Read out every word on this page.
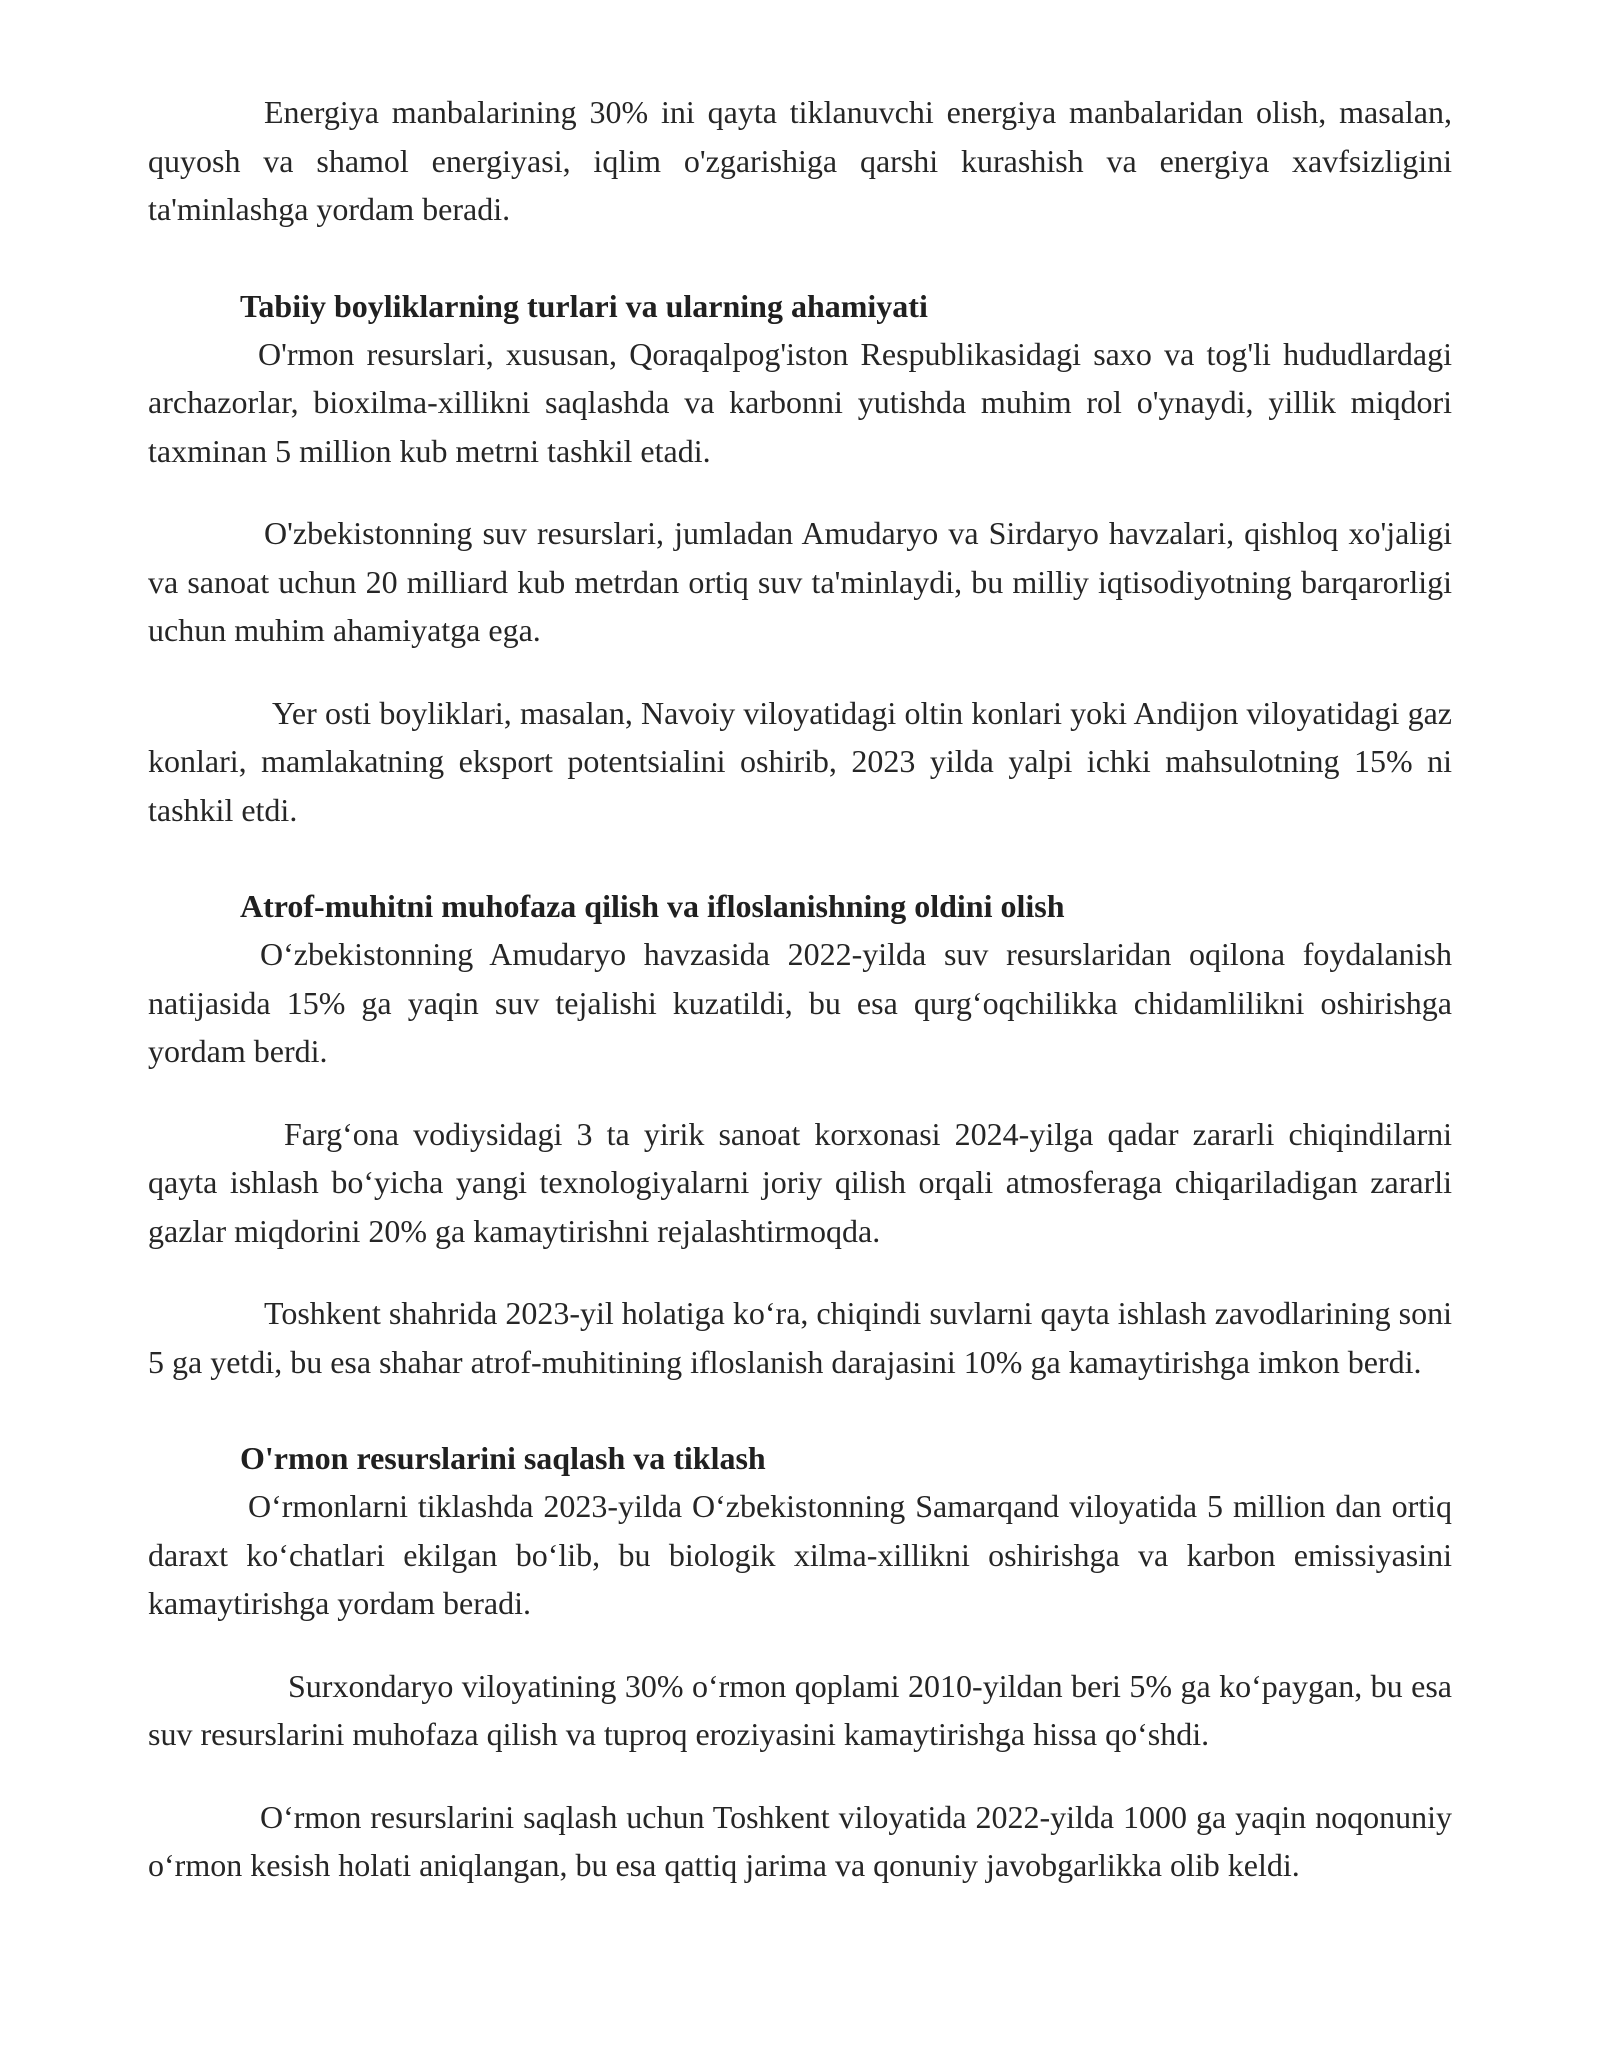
Energiya manbalarining 30% ini qayta tiklanuvchi energiya manbalaridan olish, masalan, quyosh va shamol energiyasi, iqlim o'zgarishiga qarshi kurashish va energiya xavfsizligini ta'minlashga yordam beradi.

Tabiiy boyliklarning turlari va ularning ahamiyati

O'rmon resurslari, xususan, Qoraqalpog'iston Respublikasidagi saxo va tog'li hududlardagi archazorlar, bioxilma-xillikni saqlashda va karbonni yutishda muhim rol o'ynaydi, yillik miqdori taxminan 5 million kub metrni tashkil etadi.

O'zbekistonning suv resurslari, jumladan Amudaryo va Sirdaryo havzalari, qishloq xo'jaligi va sanoat uchun 20 milliard kub metrdan ortiq suv ta'minlaydi, bu milliy iqtisodiyotning barqarorligi uchun muhim ahamiyatga ega.

Yer osti boyliklari, masalan, Navoiy viloyatidagi oltin konlari yoki Andijon viloyatidagi gaz konlari, mamlakatning eksport potentsialini oshirib, 2023 yilda yalpi ichki mahsulotning 15% ni tashkil etdi.

Atrof-muhitni muhofaza qilish va ifloslanishning oldini olish

O‘zbekistonning Amudaryo havzasida 2022-yilda suv resurslaridan oqilona foydalanish natijasida 15% ga yaqin suv tejalishi kuzatildi, bu esa qurg‘oqchilikka chidamlilikni oshirishga yordam berdi.

Farg‘ona vodiysidagi 3 ta yirik sanoat korxonasi 2024-yilga qadar zararli chiqindilarni qayta ishlash bo‘yicha yangi texnologiyalarni joriy qilish orqali atmosferaga chiqariladigan zararli gazlar miqdorini 20% ga kamaytirishni rejalashtirmoqda.

Toshkent shahrida 2023-yil holatiga ko‘ra, chiqindi suvlarni qayta ishlash zavodlarining soni 5 ga yetdi, bu esa shahar atrof-muhitining ifloslanish darajasini 10% ga kamaytirishga imkon berdi.

O'rmon resurslarini saqlash va tiklash

O‘rmonlarni tiklashda 2023-yilda O‘zbekistonning Samarqand viloyatida 5 million dan ortiq daraxt ko‘chatlari ekilgan bo‘lib, bu biologik xilma-xillikni oshirishga va karbon emissiyasini kamaytirishga yordam beradi.

Surxondaryo viloyatining 30% o‘rmon qoplami 2010-yildan beri 5% ga ko‘paygan, bu esa suv resurslarini muhofaza qilish va tuproq eroziyasini kamaytirishga hissa qo‘shdi.

O‘rmon resurslarini saqlash uchun Toshkent viloyatida 2022-yilda 1000 ga yaqin noqonuniy o‘rmon kesish holati aniqlangan, bu esa qattiq jarima va qonuniy javobgarlikka olib keldi.
